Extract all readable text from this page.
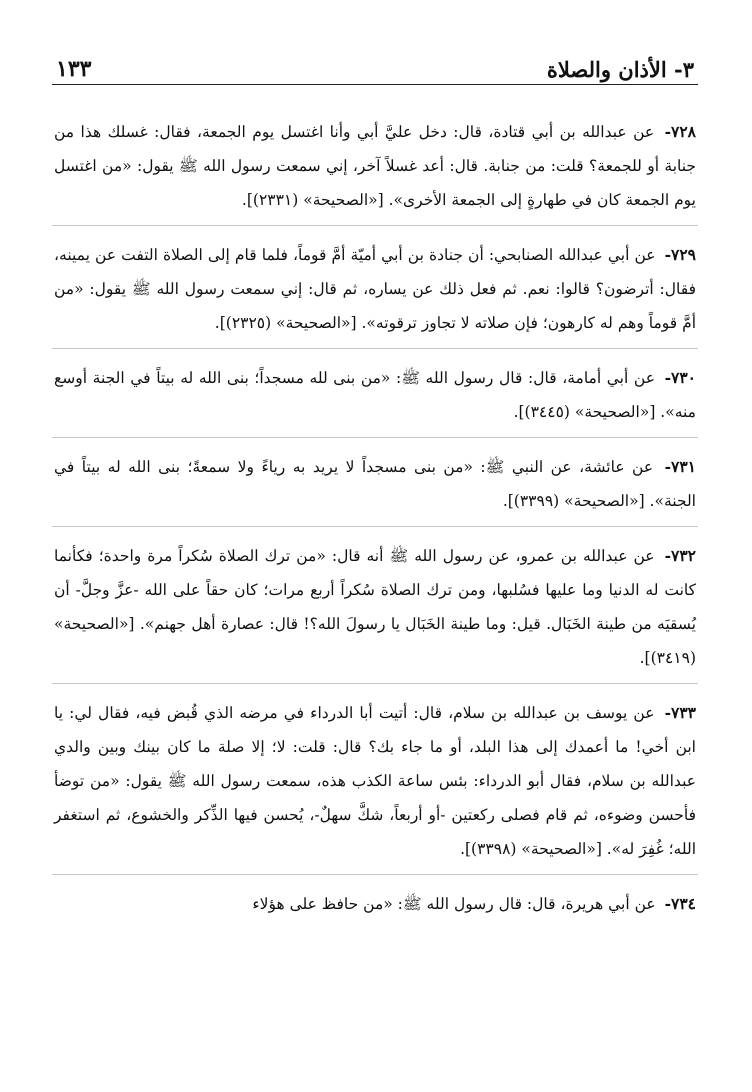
٣- الأذان والصلاة
١٣٣

٧٢٨- عن عبدالله بن أبي قتادة، قال: دخل عليَّ أبي وأنا اغتسل يوم الجمعة، فقال: غسلك هذا من جنابة أو للجمعة؟ قلت: من جنابة. قال: أعد غسلاً آخر، إني سمعت رسول الله ﷺ يقول: «من اغتسل يوم الجمعة كان في طهارةٍ إلى الجمعة الأخرى». [«الصحيحة» (٢٣٣١)].

٧٢٩- عن أبي عبدالله الصنابحي: أن جنادة بن أبي أميّة أمَّ قوماً، فلما قام إلى الصلاة التفت عن يمينه، فقال: أترضون؟ قالوا: نعم. ثم فعل ذلك عن يساره، ثم قال: إني سمعت رسول الله ﷺ يقول: «من أمَّ قوماً وهم له كارهون؛ فإن صلاته لا تجاوز ترقوته». [«الصحيحة» (٢٣٢٥)].

٧٣٠- عن أبي أمامة، قال: قال رسول الله ﷺ: «من بنى لله مسجداً؛ بنى الله له بيتاً في الجنة أوسع منه». [«الصحيحة» (٣٤٤٥)].

٧٣١- عن عائشة، عن النبي ﷺ: «من بنى مسجداً لا يريد به رياءً ولا سمعةً؛ بنى الله له بيتاً في الجنة». [«الصحيحة» (٣٣٩٩)].

٧٣٢- عن عبدالله بن عمرو، عن رسول الله ﷺ أنه قال: «من ترك الصلاة سُكراً مرة واحدة؛ فكأنما كانت له الدنيا وما عليها فسُلبها، ومن ترك الصلاة سُكراً أربع مرات؛ كان حقاً على الله -عزَّ وجلَّ- أن يُسقيَه من طينة الخَبَال. قيل: وما طينة الخَبَال يا رسولَ الله؟! قال: عصارة أهل جهنم». [«الصحيحة» (٣٤١٩)].

٧٣٣- عن يوسف بن عبدالله بن سلام، قال: أتيت أبا الدرداء في مرضه الذي قُبض فيه، فقال لي: يا ابن أخي! ما أعمدك إلى هذا البلد، أو ما جاء بك؟ قال: قلت: لا؛ إلا صلة ما كان بينك وبين والدي عبدالله بن سلام، فقال أبو الدرداء: بئس ساعة الكذب هذه، سمعت رسول الله ﷺ يقول: «من توضأ فأحسن وضوءه، ثم قام فصلى ركعتين -أو أربعاً، شكَّ سهلٌ-، يُحسن فيها الذِّكر والخشوع، ثم استغفر الله؛ غُفِرَ له». [«الصحيحة» (٣٣٩٨)].

٧٣٤- عن أبي هريرة، قال: قال رسول الله ﷺ: «من حافظ على هؤلاء
